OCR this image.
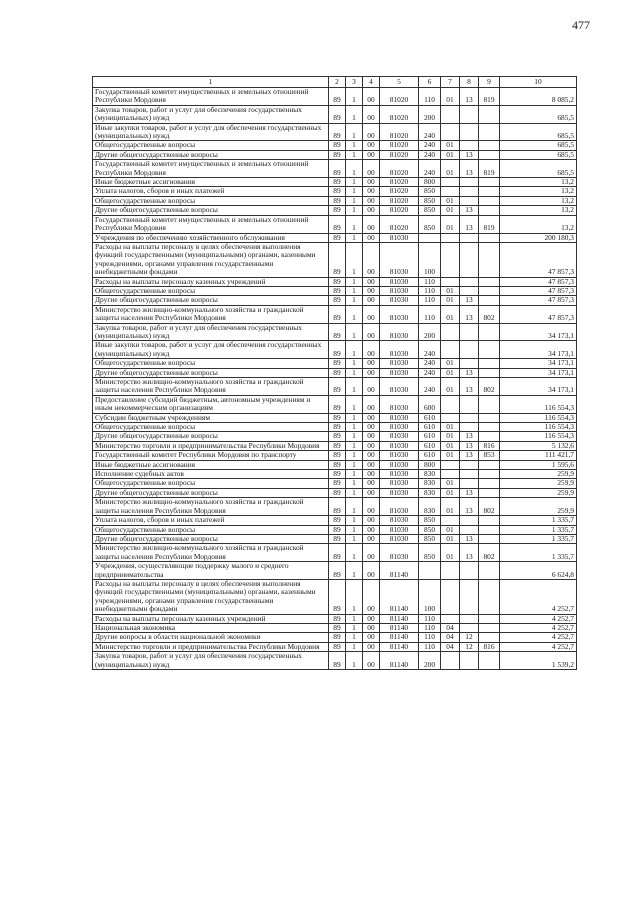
477
1	2	3	4	5	6	7	8	9	10
Государственный комитет имущественных и земельных отношений Республики Мордовия	89	1	00	81020	110	01	13	819	8 085,2
Закупка товаров, работ и услуг для обеспечения государственных (муниципальных) нужд	89	1	00	81020	200				685,5
Иные закупки товаров, работ и услуг для обеспечения государственных (муниципальных) нужд	89	1	00	81020	240				685,5
Общегосударственные вопросы	89	1	00	81020	240	01			685,5
Другие общегосударственные вопросы	89	1	00	81020	240	01	13		685,5
Государственный комитет имущественных и земельных отношений Республики Мордовия	89	1	00	81020	240	01	13	819	685,5
Иные бюджетные ассигнования	89	1	00	81020	800				13,2
Уплата налогов, сборов и иных платежей	89	1	00	81020	850				13,2
Общегосударственные вопросы	89	1	00	81020	850	01			13,2
Другие общегосударственные вопросы	89	1	00	81020	850	01	13		13,2
Государственный комитет имущественных и земельных отношений Республики Мордовия	89	1	00	81020	850	01	13	819	13,2
Учреждения по обеспечению хозяйственного обслуживания	89	1	00	81030					200 180,3
Расходы на выплаты персоналу в целях обеспечения выполнения функций государственными (муниципальными) органами, казенными учреждениями, органами управления государственными внебюджетными фондами	89	1	00	81030	100				47 857,3
Расходы на выплаты персоналу казенных учреждений	89	1	00	81030	110				47 857,3
Общегосударственные вопросы	89	1	00	81030	110	01			47 857,3
Другие общегосударственные вопросы	89	1	00	81030	110	01	13		47 857,3
Министерство жилищно-коммунального хозяйства и гражданской защиты населения Республики Мордовия	89	1	00	81030	110	01	13	802	47 857,3
Закупка товаров, работ и услуг для обеспечения государственных (муниципальных) нужд	89	1	00	81030	200				34 173,1
Иные закупки товаров, работ и услуг для обеспечения государственных (муниципальных) нужд	89	1	00	81030	240				34 173,1
Общегосударственные вопросы	89	1	00	81030	240	01			34 173,1
Другие общегосударственные вопросы	89	1	00	81030	240	01	13		34 173,1
Министерство жилищно-коммунального хозяйства и гражданской защиты населения Республики Мордовия	89	1	00	81030	240	01	13	802	34 173,1
Предоставление субсидий бюджетным, автономным учреждениям и иным некоммерческим организациям	89	1	00	81030	600				116 554,3
Субсидии бюджетным учреждениям	89	1	00	81030	610				116 554,3
Общегосударственные вопросы	89	1	00	81030	610	01			116 554,3
Другие общегосударственные вопросы	89	1	00	81030	610	01	13		116 554,3
Министерство торговли и предпринимательства Республики Мордовия	89	1	00	81030	610	01	13	816	5 132,6
Государственный комитет Республики Мордовия по транспорту	89	1	00	81030	610	01	13	853	111 421,7
Иные бюджетные ассигнования	89	1	00	81030	800				1 595,6
Исполнение судебных актов	89	1	00	81030	830				259,9
Общегосударственные вопросы	89	1	00	81030	830	01			259,9
Другие общегосударственные вопросы	89	1	00	81030	830	01	13		259,9
Министерство жилищно-коммунального хозяйства и гражданской защиты населения Республики Мордовия	89	1	00	81030	830	01	13	802	259,9
Уплата налогов, сборов и иных платежей	89	1	00	81030	850				1 335,7
Общегосударственные вопросы	89	1	00	81030	850	01			1 335,7
Другие общегосударственные вопросы	89	1	00	81030	850	01	13		1 335,7
Министерство жилищно-коммунального хозяйства и гражданской защиты населения Республики Мордовия	89	1	00	81030	850	01	13	802	1 335,7
Учреждения, осуществляющие поддержку малого и среднего предпринимательства	89	1	00	81140					6 624,8
Расходы на выплаты персоналу в целях обеспечения выполнения функций государственными (муниципальными) органами, казенными учреждениями, органами управления государственными внебюджетными фондами	89	1	00	81140	100				4 252,7
Расходы на выплаты персоналу казенных учреждений	89	1	00	81140	110				4 252,7
Национальная экономика	89	1	00	81140	110	04			4 252,7
Другие вопросы в области национальной экономики	89	1	00	81140	110	04	12		4 252,7
Министерство торговли и предпринимательства Республики Мордовия	89	1	00	81140	110	04	12	816	4 252,7
Закупка товаров, работ и услуг для обеспечения государственных (муниципальных) нужд	89	1	00	81140	200				1 539,2
